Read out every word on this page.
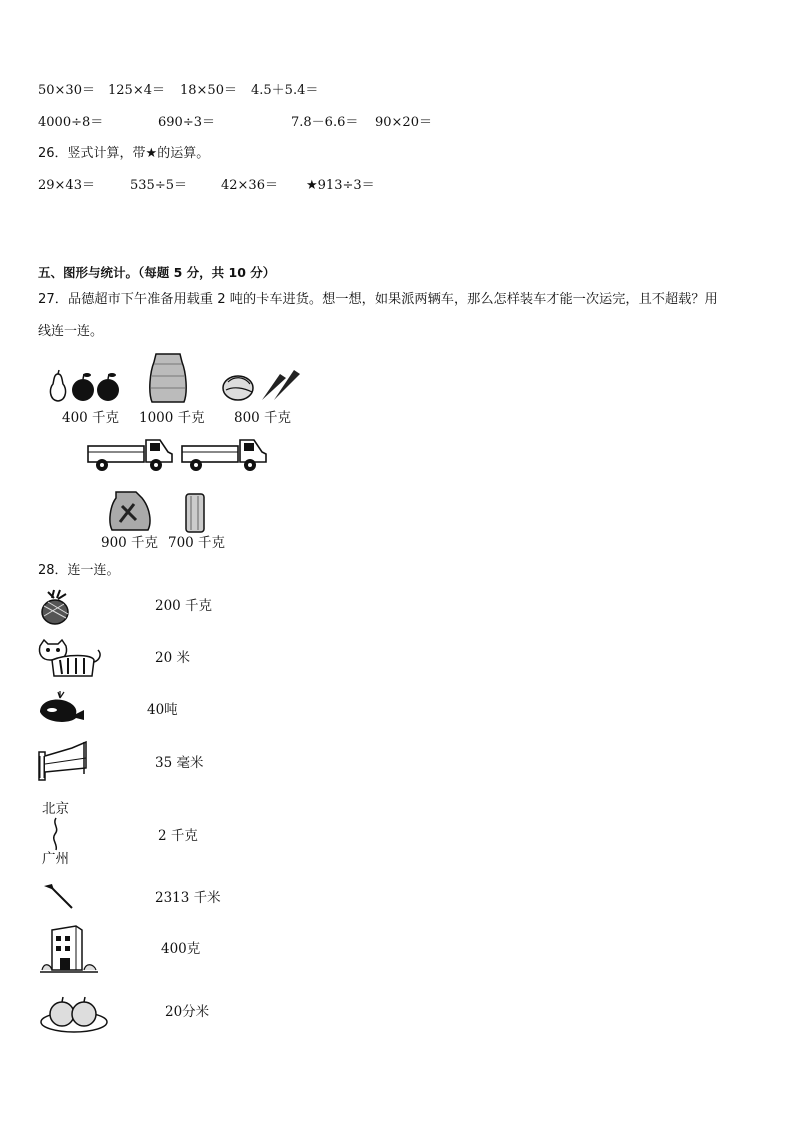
50×30＝ 125×4＝ 18×50＝ 4.5＋5.4＝
4000÷8＝	690÷3＝	7.8－6.6＝ 90×20＝
26．竖式计算，带★的运算。
29×43＝	535÷5＝	42×36＝ ★913÷3＝
五、图形与统计。（每题 5 分，共 10 分）
27．品德超市下午准备用载重 2 吨的卡车进货。想一想，如果派两辆车，那么怎样装车才能一次运完，且不超载？用
线连一连。
400 千克 1000 千克 800 千克
900 千克 700 千克
28．连一连。
200 千克
20 米
40吨
35 毫米
北京
广州
2 千克
2313 千米
400克
20分米
